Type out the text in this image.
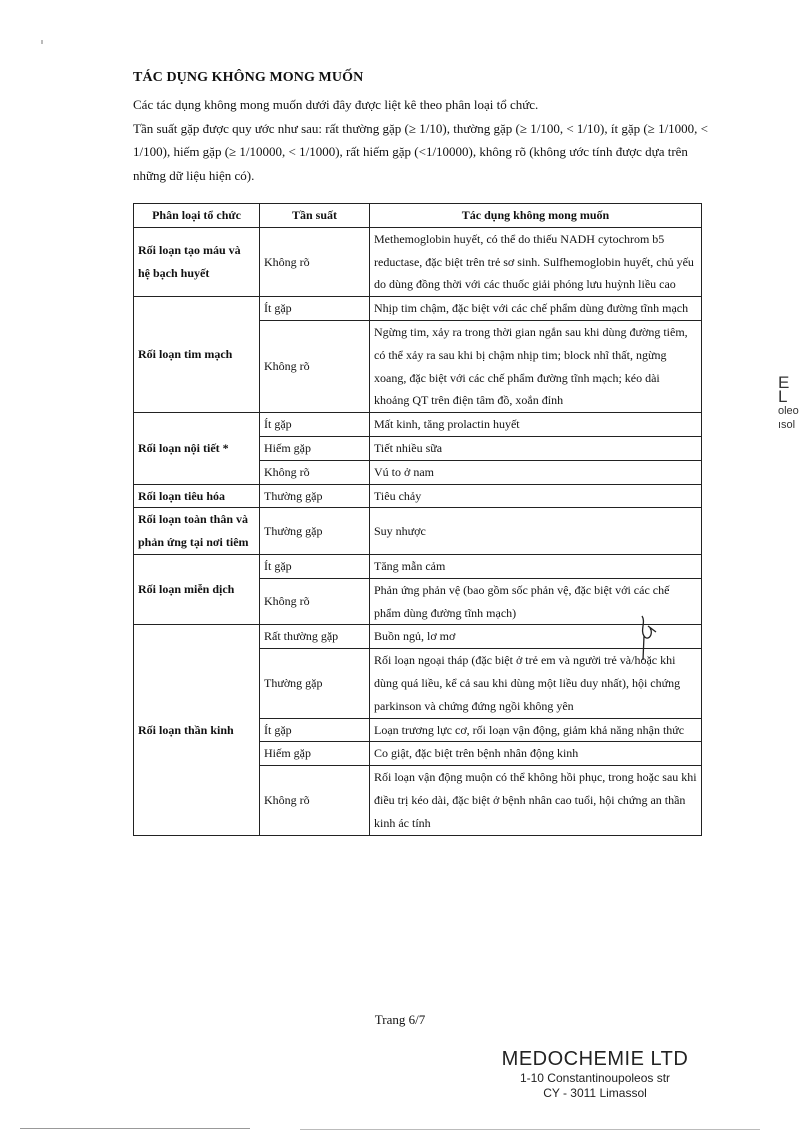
TÁC DỤNG KHÔNG MONG MUỐN
Các tác dụng không mong muốn dưới đây được liệt kê theo phân loại tổ chức.
Tần suất gặp được quy ước như sau: rất thường gặp (≥ 1/10), thường gặp (≥ 1/100, < 1/10), ít gặp (≥ 1/1000, < 1/100), hiếm gặp (≥ 1/10000, < 1/1000), rất hiếm gặp (<1/10000), không rõ (không ước tính được dựa trên những dữ liệu hiện có).
Phân loại tổ chức	Tần suất	Tác dụng không mong muốn
Rối loạn tạo máu và hệ bạch huyết	Không rõ	Methemoglobin huyết, có thể do thiếu NADH cytochrom b5 reductase, đặc biệt trên trẻ sơ sinh. Sulfhemoglobin huyết, chủ yếu do dùng đồng thời với các thuốc giải phóng lưu huỳnh liều cao
Rối loạn tim mạch	Ít gặp	Nhịp tim chậm, đặc biệt với các chế phẩm dùng đường tĩnh mạch
	Không rõ	Ngừng tim, xảy ra trong thời gian ngắn sau khi dùng đường tiêm, có thể xảy ra sau khi bị chậm nhịp tim; block nhĩ thất, ngừng xoang, đặc biệt với các chế phẩm đường tĩnh mạch; kéo dài khoảng QT trên điện tâm đồ, xoắn đỉnh
Rối loạn nội tiết *	Ít gặp	Mất kinh, tăng prolactin huyết
	Hiếm gặp	Tiết nhiều sữa
	Không rõ	Vú to ở nam
Rối loạn tiêu hóa	Thường gặp	Tiêu chảy
Rối loạn toàn thân và phản ứng tại nơi tiêm	Thường gặp	Suy nhược
Rối loạn miễn dịch	Ít gặp	Tăng mẫn cảm
	Không rõ	Phản ứng phản vệ (bao gồm sốc phản vệ, đặc biệt với các chế phẩm dùng đường tĩnh mạch)
Rối loạn thần kinh	Rất thường gặp	Buồn ngủ, lơ mơ
	Thường gặp	Rối loạn ngoại tháp (đặc biệt ở trẻ em và người trẻ và/hoặc khi dùng quá liều, kể cả sau khi dùng một liều duy nhất), hội chứng parkinson và chứng đứng ngồi không yên
	Ít gặp	Loạn trương lực cơ, rối loạn vận động, giảm khả năng nhận thức
	Hiếm gặp	Co giật, đặc biệt trên bệnh nhân động kinh
	Không rõ	Rối loạn vận động muộn có thể không hồi phục, trong hoặc sau khi điều trị kéo dài, đặc biệt ở bệnh nhân cao tuổi, hội chứng an thần kinh ác tính
E L
oleo
ısol
Trang 6/7
MEDOCHEMIE LTD
1-10 Constantinoupoleos str
CY - 3011 Limassol
